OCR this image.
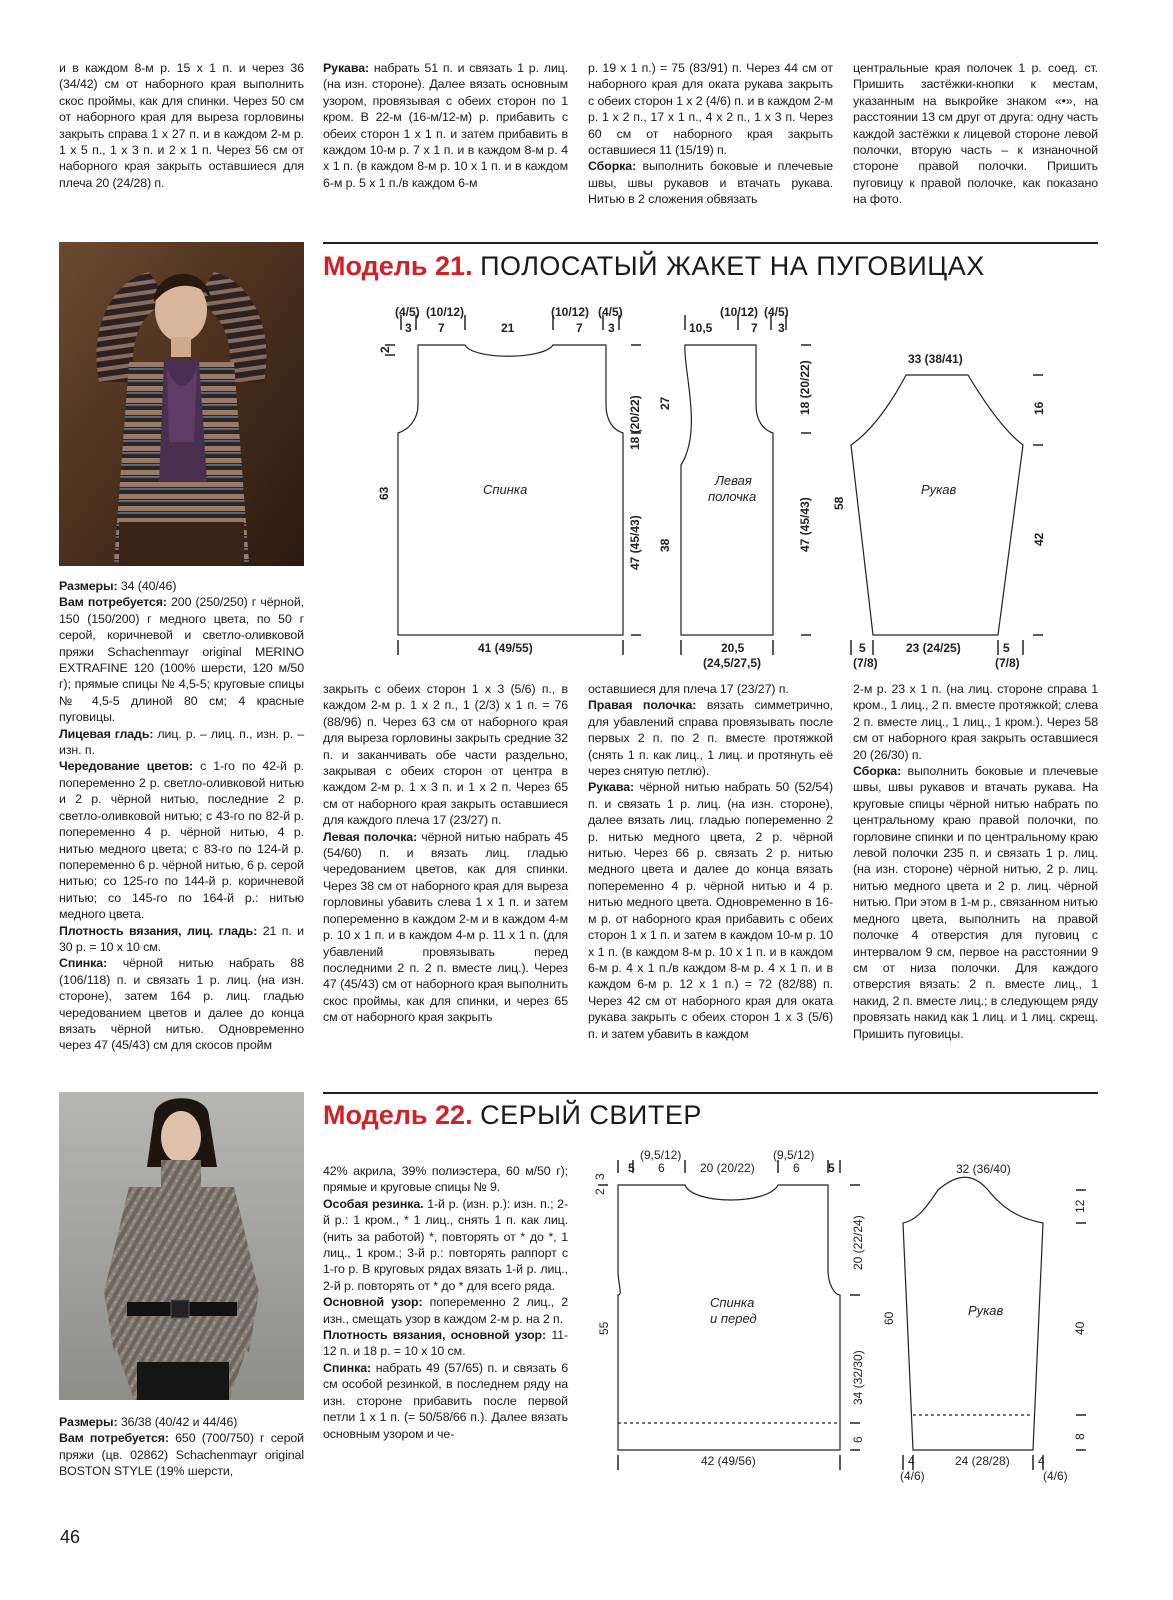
и в каждом 8-м р. 15 х 1 п. и через 36 (34/42) см от наборного края выполнить скос проймы, как для спинки. Через 50 см от наборного края для выреза горловины закрыть справа 1 х 27 п. и в каждом 2-м р. 1 х 5 п., 1 х 3 п. и 2 х 1 п. Через 56 см от наборного края закрыть оставшиеся для плеча 20 (24/28) п.

Рукава: набрать 51 п. и связать 1 р. лиц. (на изн. стороне). Далее вязать основным узором, провязывая с обеих сторон по 1 кром. В 22-м (16-м/12-м) р. прибавить с обеих сторон 1 х 1 п. и затем прибавить в каждом 10-м р. 7 х 1 п. и в каждом 8-м р. 4 х 1 п. (в каждом 8-м р. 10 х 1 п. и в каждом 6-м р. 5 х 1 п./в каждом 6-м

р. 19 х 1 п.) = 75 (83/91) п. Через 44 см от наборного края для оката рукава закрыть с обеих сторон 1 х 2 (4/6) п. и в каждом 2-м р. 1 х 2 п., 17 х 1 п., 4 х 2 п., 1 х 3 п. Через 60 см от наборного края закрыть оставшиеся 11 (15/19) п.
Сборка: выполнить боковые и плечевые швы, швы рукавов и втачать рукава. Нитью в 2 сложения обвязать

центральные края полочек 1 р. соед. ст. Пришить застёжки-кнопки к местам, указанным на выкройке знаком «•», на расстоянии 13 см друг от друга: одну часть каждой застёжки к лицевой стороне левой полочки, вторую часть – к изнаночной стороне правой полочки. Пришить пуговицу к правой полочке, как показано на фото.

Модель 21. ПОЛОСАТЫЙ ЖАКЕТ НА ПУГОВИЦАХ
(4/5) (10/12)
3 7	21
(10/12) (4/5)
7 3
2
63
18 (20/22)
47 (45/43)
41 (49/55)
Спинка
(10/12) (4/5)
10,5	7 3
27
38
18 (20/22)
47 (45/43)
20,5
(24,5/27,5)
Левая
полочка
33 (38/41)
16
58
42
5
(7/8)
23 (24/25)	5
(7/8)
Рукав

Размеры: 34 (40/46)

Вам потребуется: 200 (250/250) г чёрной, 150 (150/200) г медного цвета, по 50 г серой, коричневой и светло-оливковой пряжи Schachenmayr original MERINO EXTRAFINE 120 (100% шерсти, 120 м/50 г); прямые спицы № 4,5-5; круговые спицы № 4,5-5 длиной 80 см; 4 красные пуговицы.

Лицевая гладь: лиц. р. – лиц. п., изн. р. – изн. п.

Чередование цветов: с 1-го по 42-й р. попеременно 2 р. светло-оливковой нитью и 2 р. чёрной нитью, последние 2 р. светло-оливковой нитью; с 43-го по 82-й р. попеременно 4 р. чёрной нитью, 4 р. нитью медного цвета; с 83-го по 124-й р. попеременно 6 р. чёрной нитью, 6 р. серой нитью; со 125-го по 144-й р. коричневой нитью; со 145-го по 164-й р.: нитью медного цвета.

Плотность вязания, лиц. гладь: 21 п. и 30 р. = 10 х 10 см.

Спинка: чёрной нитью набрать 88 (106/118) п. и связать 1 р. лиц. (на изн. стороне), затем 164 р. лиц. гладью чередованием цветов и далее до конца вязать чёрной нитью. Одновременно через 47 (45/43) см для скосов пройм

закрыть с обеих сторон 1 х 3 (5/6) п., в каждом 2-м р. 1 х 2 п., 1 (2/3) х 1 п. = 76 (88/96) п. Через 63 см от наборного края для выреза горловины закрыть средние 32 п. и заканчивать обе части раздельно, закрывая с обеих сторон от центра в каждом 2-м р. 1 х 3 п. и 1 х 2 п. Через 65 см от наборного края закрыть оставшиеся для каждого плеча 17 (23/27) п.

Левая полочка: чёрной нитью набрать 45 (54/60) п. и вязать лиц. гладью чередованием цветов, как для спинки. Через 38 см от наборного края для выреза горловины убавить слева 1 х 1 п. и затем попеременно в каждом 2-м и в каждом 4-м р. 10 х 1 п. и в каждом 4-м р. 11 х 1 п. (для убавлений провязывать перед последними 2 п. 2 п. вместе лиц.). Через 47 (45/43) см от наборного края выполнить скос проймы, как для спинки, и через 65 см от наборного края закрыть

оставшиеся для плеча 17 (23/27) п.

Правая полочка: вязать симметрично, для убавлений справа провязывать после первых 2 п. по 2 п. вместе протяжкой (снять 1 п. как лиц., 1 лиц. и протянуть её через снятую петлю).

Рукава: чёрной нитью набрать 50 (52/54) п. и связать 1 р. лиц. (на изн. стороне), далее вязать лиц. гладью попеременно 2 р. нитью медного цвета, 2 р. чёрной нитью. Через 66 р. связать 2 р. нитью медного цвета и далее до конца вязать попеременно 4 р. чёрной нитью и 4 р. нитью медного цвета. Одновременно в 16-м р. от наборного края прибавить с обеих сторон 1 х 1 п. и затем в каждом 10-м р. 10 х 1 п. (в каждом 8-м р. 10 х 1 п. и в каждом 6-м р. 4 х 1 п./в каждом 8-м р. 4 х 1 п. и в каждом 6-м р. 12 х 1 п.) = 72 (82/88) п. Через 42 см от наборного края для оката рукава закрыть с обеих сторон 1 х 3 (5/6) п. и затем убавить в каждом

2-м р. 23 х 1 п. (на лиц. стороне справа 1 кром., 1 лиц., 2 п. вместе протяжкой; слева 2 п. вместе лиц., 1 лиц., 1 кром.). Через 58 см от наборного края закрыть оставшиеся 20 (26/30) п.

Сборка: выполнить боковые и плечевые швы, швы рукавов и втачать рукава. На круговые спицы чёрной нитью набрать по центральному краю правой полочки, по горловине спинки и по центральному краю левой полочки 235 п. и связать 1 р. лиц. (на изн. стороне) чёрной нитью, 2 р. лиц. нитью медного цвета и 2 р. лиц. чёрной нитью. При этом в 1-м р., связанном нитью медного цвета, выполнить на правой полочке 4 отверстия для пуговиц с интервалом 9 см, первое на расстоянии 9 см от низа полочки. Для каждого отверстия вязать: 2 п. вместе лиц., 1 накид, 2 п. вместе лиц.; в следующем ряду провязать накид как 1 лиц. и 1 лиц. скрещ. Пришить пуговицы.

Модель 22. СЕРЫЙ СВИТЕР
5
(9,5/12)
6	20 (20/22)
(9,5/12)
6 5
3
2
55
20 (22/24)
34 (32/30)
6
42 (49/56)
Спинка
и перед
32 (36/40)
12
60
40
8
4
(4/6)
24 (28/28) 4
(4/6)
Рукав

Размеры: 36/38 (40/42 и 44/46)

Вам потребуется: 650 (700/750) г серой пряжи (цв. 02862) Schachenmayr original BOSTON STYLE (19% шерсти,

42% акрила, 39% полиэстера, 60 м/50 г); прямые и круговые спицы № 9.

Особая резинка. 1-й р. (изн. р.): изн. п.; 2-й р.: 1 кром., * 1 лиц., снять 1 п. как лиц. (нить за работой) *, повторять от * до *, 1 лиц., 1 кром.; 3-й р.: повторять раппорт с 1-го р. В круговых рядах вязать 1-й р. лиц., 2-й р. повторять от * до * для всего ряда.

Основной узор: попеременно 2 лиц., 2 изн., смещать узор в каждом 2-м р. на 2 п.

Плотность вязания, основной узор: 11-12 п. и 18 р. = 10 х 10 см.

Спинка: набрать 49 (57/65) п. и связать 6 см особой резинкой, в последнем ряду на изн. стороне прибавить после первой петли 1 х 1 п. (= 50/58/66 п.). Далее вязать основным узором и че-

46
